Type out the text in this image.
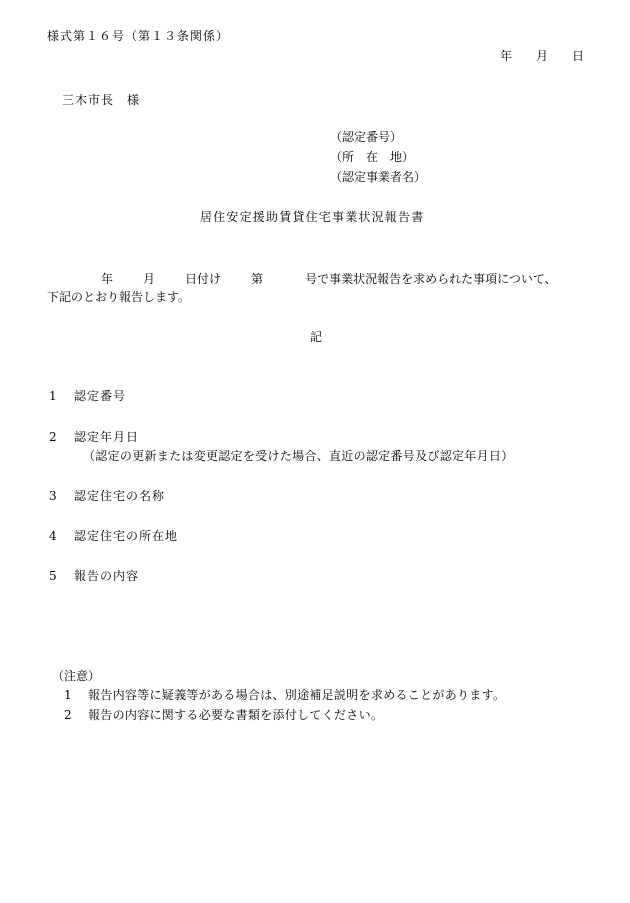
様式第１６号（第１３条関係）
年 月 日
三木市長　様
（認定番号）
（所　在　地）
（認定事業者名）
居住安定援助賃貸住宅事業状況報告書
年	月	日付け	第	号で事業状況報告を求められた事項について、
下記のとおり報告します。
記
1 認定番号
2 認定年月日
（認定の更新または変更認定を受けた場合、直近の認定番号及び認定年月日）
3 認定住宅の名称
4 認定住宅の所在地
5 報告の内容
（注意）
1 報告内容等に疑義等がある場合は、別途補足説明を求めることがあります。
2 報告の内容に関する必要な書類を添付してください。
